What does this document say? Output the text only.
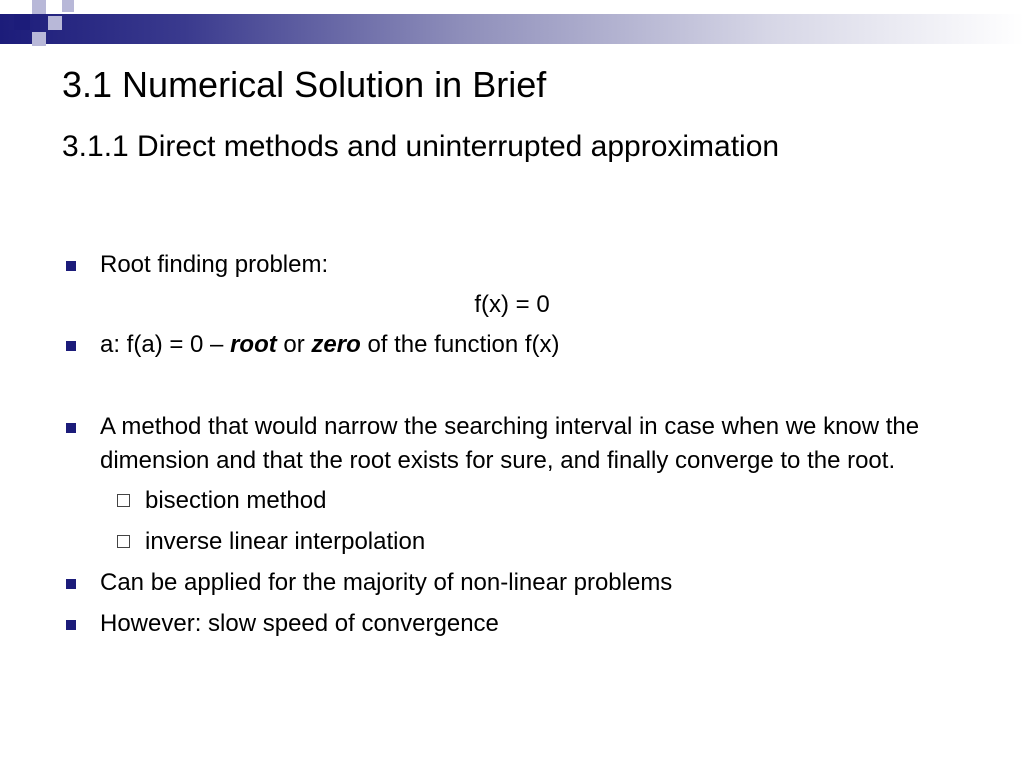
3.1 Numerical Solution in Brief
3.1.1 Direct methods and uninterrupted approximation
Root finding problem:
f(x) = 0
a: f(a) = 0 – root or zero of the function f(x)
A method that would narrow the searching interval in case when we know the dimension and that the root exists for sure, and finally converge to the root.
bisection method
inverse linear interpolation
Can be applied for the majority of non-linear problems
However: slow speed of convergence
